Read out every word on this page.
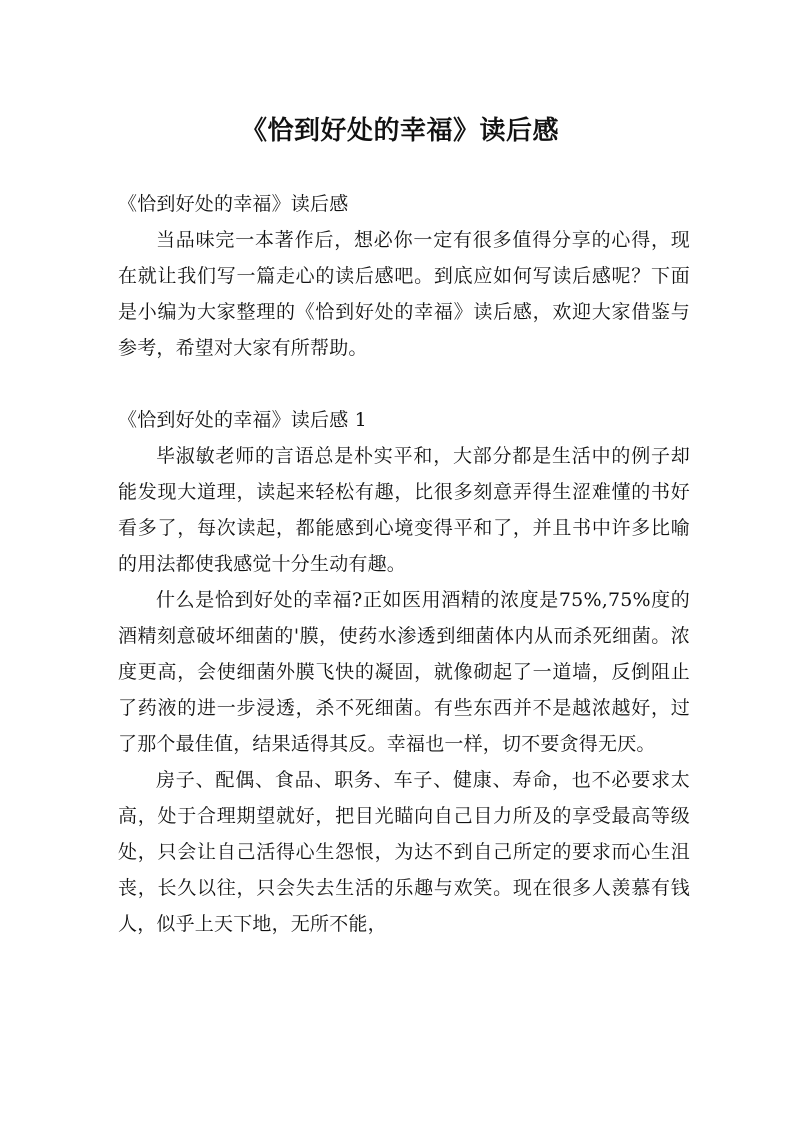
《恰到好处的幸福》读后感
《恰到好处的幸福》读后感

当品味完一本著作后，想必你一定有很多值得分享的心得，现在就让我们写一篇走心的读后感吧。到底应如何写读后感呢？下面是小编为大家整理的《恰到好处的幸福》读后感，欢迎大家借鉴与参考，希望对大家有所帮助。

《恰到好处的幸福》读后感 1

毕淑敏老师的言语总是朴实平和，大部分都是生活中的例子却能发现大道理，读起来轻松有趣，比很多刻意弄得生涩难懂的书好看多了，每次读起，都能感到心境变得平和了，并且书中许多比喻的用法都使我感觉十分生动有趣。

什么是恰到好处的幸福?正如医用酒精的浓度是75%,75%度的酒精刻意破坏细菌的'膜，使药水渗透到细菌体内从而杀死细菌。浓度更高，会使细菌外膜飞快的凝固，就像砌起了一道墙，反倒阻止了药液的进一步浸透，杀不死细菌。有些东西并不是越浓越好，过了那个最佳值，结果适得其反。幸福也一样，切不要贪得无厌。

房子、配偶、食品、职务、车子、健康、寿命，也不必要求太高，处于合理期望就好，把目光瞄向自己目力所及的享受最高等级处，只会让自己活得心生怨恨，为达不到自己所定的要求而心生沮丧，长久以往，只会失去生活的乐趣与欢笑。现在很多人羡慕有钱人，似乎上天下地，无所不能，
